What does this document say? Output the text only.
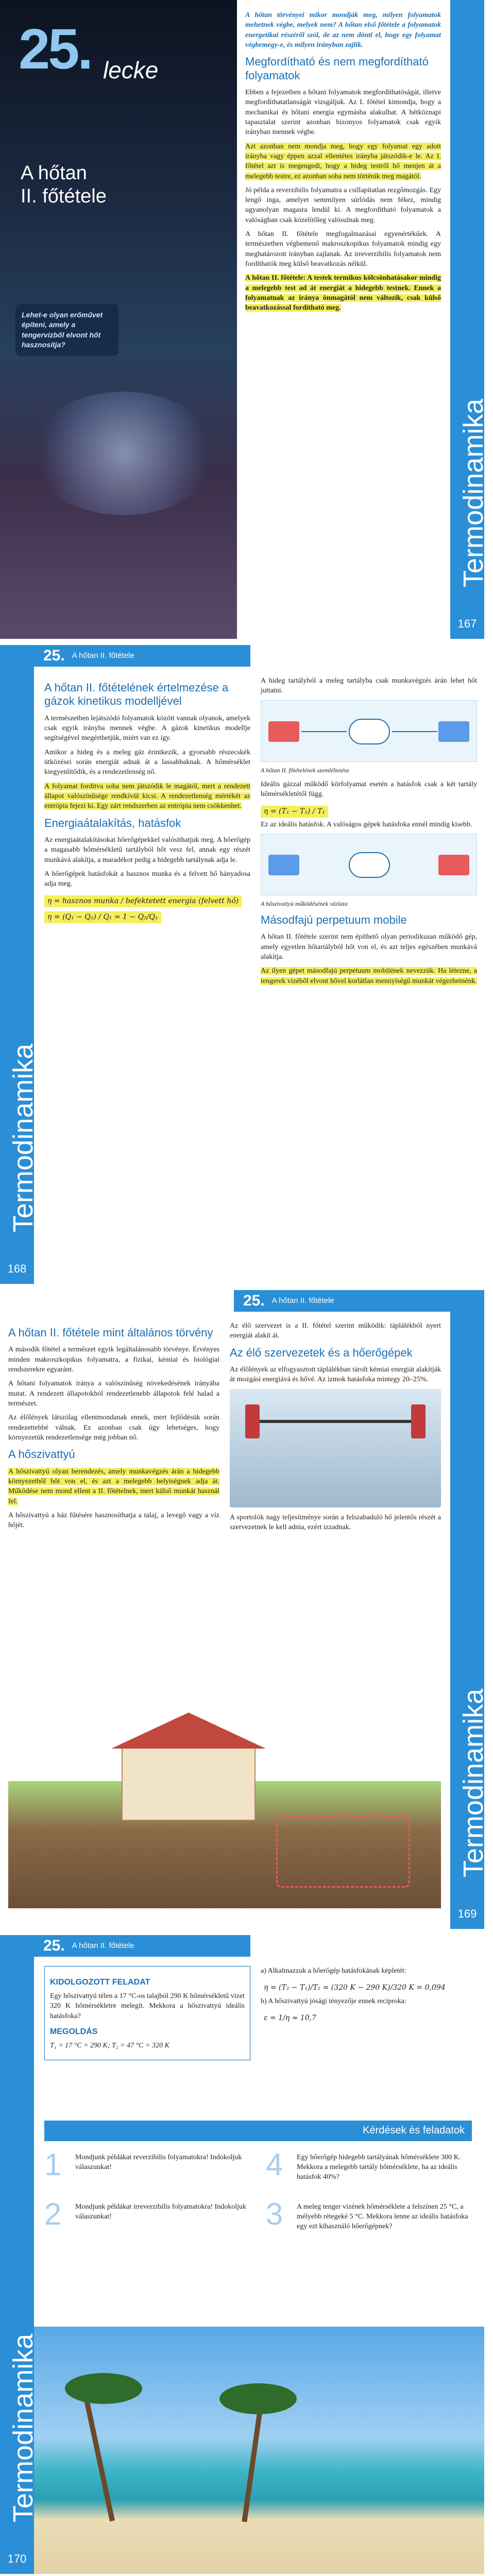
25. lecke
A hőtan
II. főtétele
Lehet-e olyan erőművet építeni, amely a tengervízből elvont hőt hasznosítja?

A hőtan törvényei mikor mondják meg, milyen folyamatok mehetnek végbe, melyek nem? A hőtan első főtétele a folyamatok energetikai részéről szól, de az nem dönti el, hogy egy folyamat végbemegy-e, és milyen irányban zajlik.

Megfordítható és nem megfordítható folyamatok

Ebben a fejezetben a hőtani folyamatok megfordíthatóságát, illetve megfordíthatatlanságát vizsgáljuk. Az I. főtétel kimondja, hogy a mechanikai és hőtani energia egymásba alakulhat. A hétköznapi tapasztalat szerint azonban bizonyos folyamatok csak egyik irányban mennek végbe.

Azt azonban nem mondja meg, hogy egy folyamat egy adott irányba vagy éppen azzal ellentétes irányba játszódik-e le. Az I. főtétel azt is megengedi, hogy a hideg testről hő menjen át a melegebb testre, ez azonban soha nem történik meg magától.

Jó példa a reverzibilis folyamatra a csillapítatlan rezgőmozgás. Egy lengő inga, amelyet semmilyen súrlódás nem fékez, mindig ugyanolyan magasra lendül ki. A megfordítható folyamatok a valóságban csak közelítőleg valósulnak meg.

A hőtan II. főtétele megfogalmazásai egyenértékűek. A természetben végbemenő makroszkopikus folyamatok mindig egy meghatározott irányban zajlanak. Az irreverzibilis folyamatok nem fordíthatók meg külső beavatkozás nélkül.

A hőtan II. főtétele: A testek termikus kölcsönhatásakor mindig a melegebb test ad át energiát a hidegebb testnek. Ennek a folyamatnak az iránya önmagától nem változik, csak külső beavatkozással fordítható meg.

Termodinamika
167
25. A hőtan II. főtétele
A hőtan II. főtételének értelmezése a gázok kinetikus modelljével

A természetben lejátszódó folyamatok között vannak olyanok, amelyek csak egyik irányba mennek végbe. A gázok kinetikus modellje segítségével megérthetjük, miért van ez így.

Amikor a hideg és a meleg gáz érintkezik, a gyorsabb részecskék ütközései során energiát adnak át a lassabbaknak. A hőmérséklet kiegyenlítődik, és a rendezetlenség nő.

A folyamat fordítva soha nem játszódik le magától, mert a rendezett állapot valószínűsége rendkívül kicsi. A rendezetlenség mértékét az entrópia fejezi ki. Egy zárt rendszerben az entrópia nem csökkenhet.

Energiaátalakítás, hatásfok

Az energiaátalakításokat hőerőgépekkel valósíthatjuk meg. A hőerőgép a magasabb hőmérsékletű tartályból hőt vesz fel, annak egy részét munkává alakítja, a maradékot pedig a hidegebb tartálynak adja le.

A hőerőgépek hatásfokát a hasznos munka és a felvett hő hányadosa adja meg.

η = hasznos munka / befektetett energia (felvett hő) η = (Q₁ − Q₂) / Q₁ = 1 − Q₂/Q₁

A hideg tartályból a meleg tartályba csak munkavégzés árán lehet hőt juttatni.

A hőtan II. főtételének szemléltetése

Ideális gázzal működő körfolyamat esetén a hatásfok csak a két tartály hőmérsékletétől függ.

η = (T₁ − T₂) / T₁

Ez az ideális hatásfok. A valóságos gépek hatásfoka ennél mindig kisebb.

A hőszivattyú működésének vázlata
Másodfajú perpetuum mobile

A hőtan II. főtétele szerint nem építhető olyan periodikusan működő gép, amely egyetlen hőtartályból hőt von el, és azt teljes egészében munkává alakítja.

Az ilyen gépet másodfajú perpetuum mobilének nevezzük. Ha létezne, a tengerek vizéből elvont hővel korlátlan mennyiségű munkát végezhetnénk.

Termodinamika
168
25. A hőtan II. főtétele
A hőtan II. főtétele mint általános törvény

A második főtétel a természet egyik legáltalánosabb törvénye. Érvényes minden makroszkopikus folyamatra, a fizikai, kémiai és biológiai rendszerekre egyaránt.

A hőtani folyamatok iránya a valószínűség növekedésének irányába mutat. A rendezett állapotokból rendezetlenebb állapotok felé halad a természet.

Az élőlények látszólag ellentmondanak ennek, mert fejlődésük során rendezettebbé válnak. Ez azonban csak úgy lehetséges, hogy környezetük rendezetlensége még jobban nő.

A hőszivattyú

A hőszivattyú olyan berendezés, amely munkavégzés árán a hidegebb környezetből hőt von el, és azt a melegebb helyiségnek adja át. Működése nem mond ellent a II. főtételnek, mert külső munkát használ fel.

A hőszivattyú a ház fűtésére hasznosíthatja a talaj, a levegő vagy a víz hőjét.

Az élő szervezet is a II. főtétel szerint működik: táplálékból nyert energiát alakít át.

Az élő szervezetek és a hőerőgépek

Az élőlények az elfogyasztott táplálékban tárolt kémiai energiát alakítják át mozgási energiává és hővé. Az izmok hatásfoka mintegy 20–25%.

A sportolók nagy teljesítménye során a felszabaduló hő jelentős részét a szervezetnek le kell adnia, ezért izzadnak.

Termodinamika
169
25. A hőtan II. főtétele
KIDOLGOZOTT FELADAT

Egy hőszivattyú télen a 17 °C-os talajból 290 K hőmérsékletű vizet 320 K hőmérsékletre melegít. Mekkora a hőszivattyú ideális hatásfoka?

MEGOLDÁS

T₁ = 17 °C = 290 K; T₂ = 47 °C = 320 K

a) Alkalmazzuk a hőerőgép hatásfokának képletét:

η = (T₂ − T₁)/T₂ = (320 K − 290 K)/320 K = 0,094

b) A hőszivattyú jósági tényezője ennek reciproka:

ε = 1/η ≈ 10,7
Kérdések és feladatok
1	Mondjunk példákat reverzibilis folyamatokra! Indokoljuk válaszunkat!	4	Egy hőerőgép hidegebb tartályának hőmérséklete 300 K. Mekkora a melegebb tartály hőmérséklete, ha az ideális hatásfok 40%?
2	Mondjunk példákat irreverzibilis folyamatokra! Indokoljuk válaszunkat!	3	A meleg tenger vizének hőmérséklete a felszínen 25 °C, a mélyebb rétegeké 5 °C. Mekkora lenne az ideális hatásfoka egy ezt kihasználó hőerőgépnek?
Termodinamika
170
